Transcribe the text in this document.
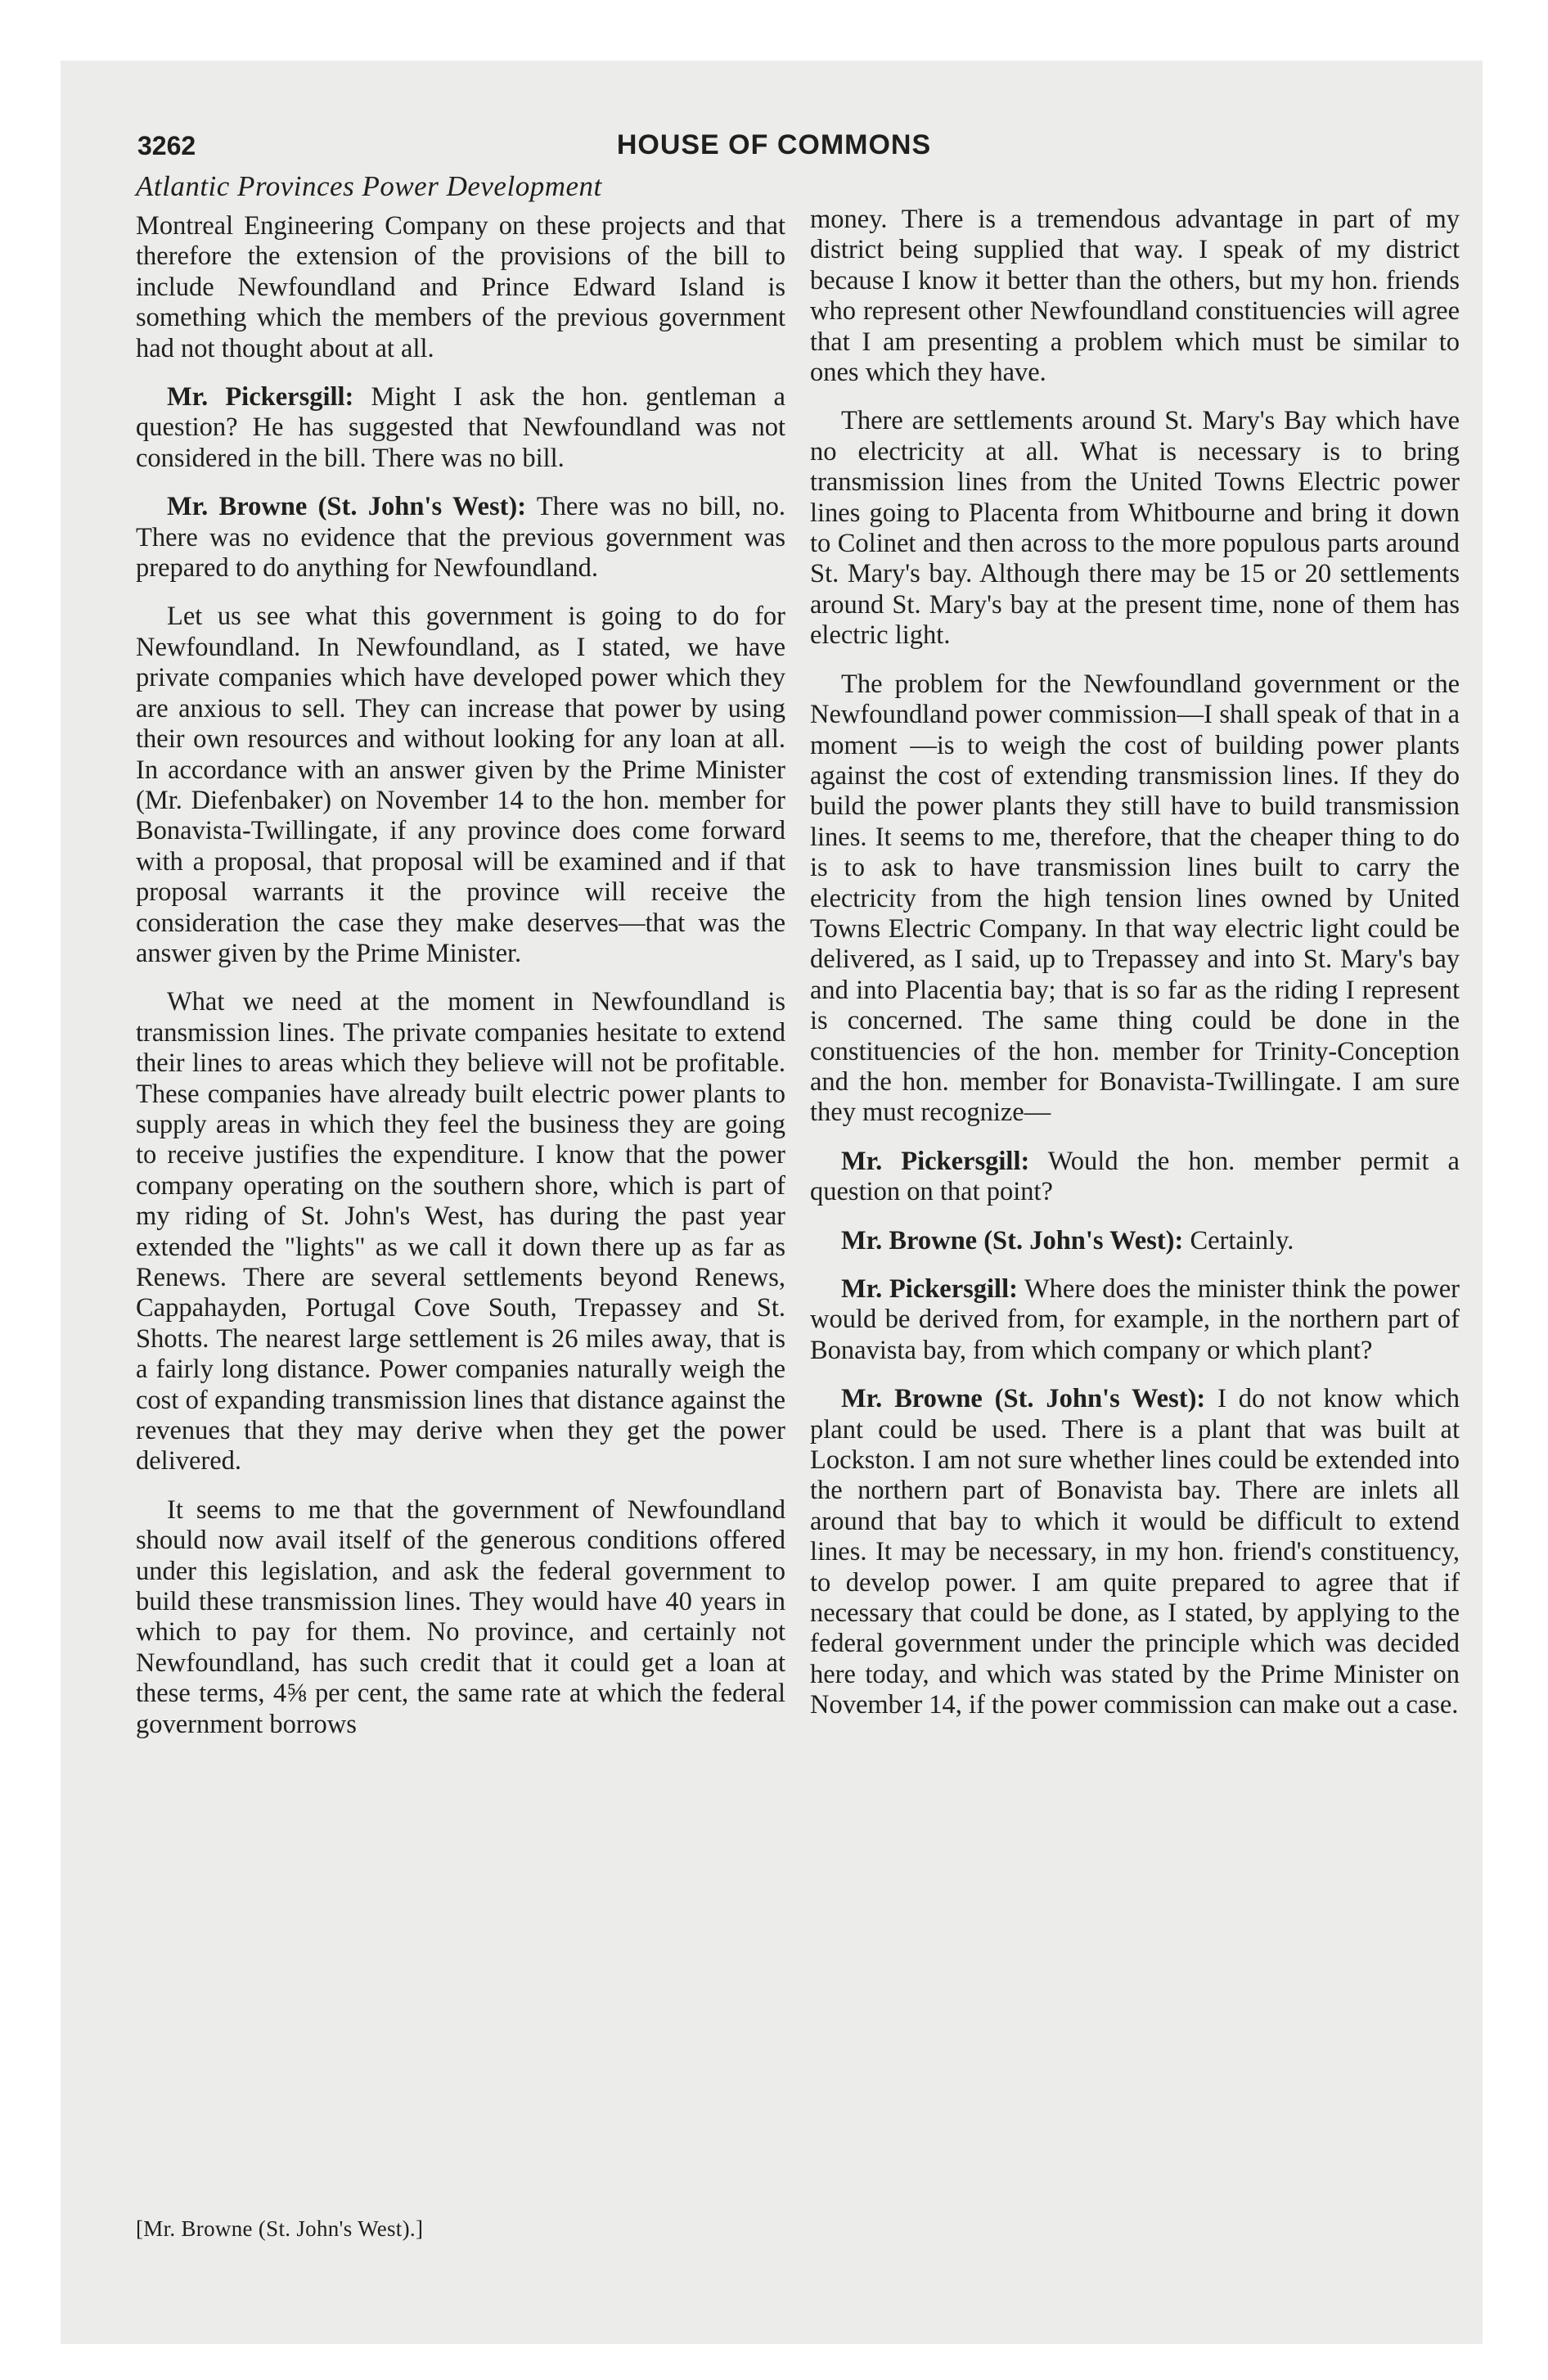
3262	HOUSE OF COMMONS

Atlantic Provinces Power Development

Montreal Engineering Company on these projects and that therefore the extension of the provisions of the bill to include Newfoundland and Prince Edward Island is something which the members of the previous government had not thought about at all.

Mr. Pickersgill: Might I ask the hon. gentleman a question? He has suggested that Newfoundland was not considered in the bill. There was no bill.

Mr. Browne (St. John's West): There was no bill, no. There was no evidence that the previous government was prepared to do anything for Newfoundland.

Let us see what this government is going to do for Newfoundland. In Newfoundland, as I stated, we have private companies which have developed power which they are anxious to sell. They can increase that power by using their own resources and without looking for any loan at all. In accordance with an answer given by the Prime Minister (Mr. Diefenbaker) on November 14 to the hon. member for Bonavista-Twillingate, if any province does come forward with a proposal, that proposal will be examined and if that proposal warrants it the province will receive the consideration the case they make deserves—that was the answer given by the Prime Minister.

What we need at the moment in Newfoundland is transmission lines. The private companies hesitate to extend their lines to areas which they believe will not be profitable. These companies have already built electric power plants to supply areas in which they feel the business they are going to receive justifies the expenditure. I know that the power company operating on the southern shore, which is part of my riding of St. John's West, has during the past year extended the "lights" as we call it down there up as far as Renews. There are several settlements beyond Renews, Cappahayden, Portugal Cove South, Trepassey and St. Shotts. The nearest large settlement is 26 miles away, that is a fairly long distance. Power companies naturally weigh the cost of expanding transmission lines that distance against the revenues that they may derive when they get the power delivered.

It seems to me that the government of Newfoundland should now avail itself of the generous conditions offered under this legislation, and ask the federal government to build these transmission lines. They would have 40 years in which to pay for them. No province, and certainly not Newfoundland, has such credit that it could get a loan at these terms, 4⅝ per cent, the same rate at which the federal government borrows

[Mr. Browne (St. John's West).]

money. There is a tremendous advantage in part of my district being supplied that way. I speak of my district because I know it better than the others, but my hon. friends who represent other Newfoundland constituencies will agree that I am presenting a problem which must be similar to ones which they have.

There are settlements around St. Mary's Bay which have no electricity at all. What is necessary is to bring transmission lines from the United Towns Electric power lines going to Placenta from Whitbourne and bring it down to Colinet and then across to the more populous parts around St. Mary's bay. Although there may be 15 or 20 settlements around St. Mary's bay at the present time, none of them has electric light.

The problem for the Newfoundland government or the Newfoundland power commission—I shall speak of that in a moment —is to weigh the cost of building power plants against the cost of extending transmission lines. If they do build the power plants they still have to build transmission lines. It seems to me, therefore, that the cheaper thing to do is to ask to have transmission lines built to carry the electricity from the high tension lines owned by United Towns Electric Company. In that way electric light could be delivered, as I said, up to Trepassey and into St. Mary's bay and into Placentia bay; that is so far as the riding I represent is concerned. The same thing could be done in the constituencies of the hon. member for Trinity-Conception and the hon. member for Bonavista-Twillingate. I am sure they must recognize—

Mr. Pickersgill: Would the hon. member permit a question on that point?

Mr. Browne (St. John's West): Certainly.

Mr. Pickersgill: Where does the minister think the power would be derived from, for example, in the northern part of Bonavista bay, from which company or which plant?

Mr. Browne (St. John's West): I do not know which plant could be used. There is a plant that was built at Lockston. I am not sure whether lines could be extended into the northern part of Bonavista bay. There are inlets all around that bay to which it would be difficult to extend lines. It may be necessary, in my hon. friend's constituency, to develop power. I am quite prepared to agree that if necessary that could be done, as I stated, by applying to the federal government under the principle which was decided here today, and which was stated by the Prime Minister on November 14, if the power commission can make out a case.
